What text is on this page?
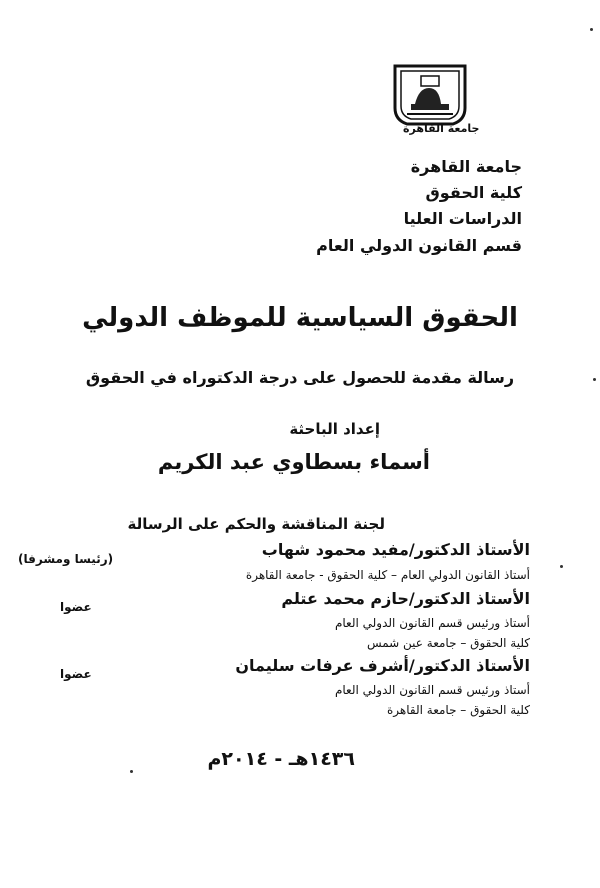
جامعة القاهرة
جامعة القاهرة
كلية الحقوق
الدراسات العليا
قسم القانون الدولي العام
الحقوق السياسية للموظف الدولي
رسالة مقدمة للحصول على درجة الدكتوراه في الحقوق
إعداد الباحثة
أسماء بسطاوي عبد الكريم
لجنة المناقشة والحكم على الرسالة
الأستاذ الدكتور/مفيد محمود شهاب
(رئيسا ومشرفا)
أستاذ القانون الدولي العام – كلية الحقوق - جامعة القاهرة
الأستاذ الدكتور/حازم محمد عتلم
عضوا
أستاذ ورئيس قسم القانون الدولي العام
كلية الحقوق – جامعة عين شمس
الأستاذ الدكتور/أشرف عرفات سليمان
عضوا
أستاذ ورئيس قسم القانون الدولي العام
كلية الحقوق – جامعة القاهرة
١٤٣٦هـ - ٢٠١٤م
